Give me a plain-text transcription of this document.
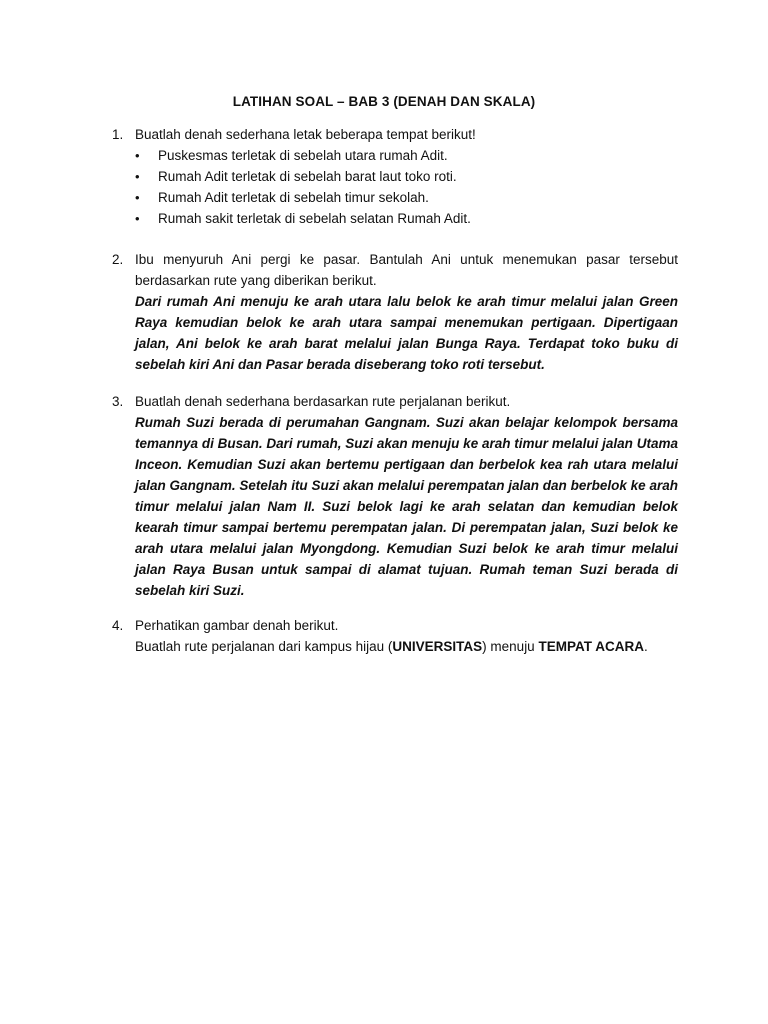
LATIHAN SOAL – BAB 3 (DENAH DAN SKALA)
1. Buatlah denah sederhana letak beberapa tempat berikut!
•	Puskesmas terletak di sebelah utara rumah Adit.
•	Rumah Adit terletak di sebelah barat laut toko roti.
•	Rumah Adit terletak di sebelah timur sekolah.
•	Rumah sakit terletak di sebelah selatan Rumah Adit.
2. Ibu menyuruh Ani pergi ke pasar. Bantulah Ani untuk menemukan pasar tersebut berdasarkan rute yang diberikan berikut.
Dari rumah Ani menuju ke arah utara lalu belok ke arah timur melalui jalan Green Raya kemudian belok ke arah utara sampai menemukan pertigaan. Dipertigaan jalan, Ani belok ke arah barat melalui jalan Bunga Raya. Terdapat toko buku di sebelah kiri Ani dan Pasar berada diseberang toko roti tersebut.
3. Buatlah denah sederhana berdasarkan rute perjalanan berikut.
Rumah Suzi berada di perumahan Gangnam. Suzi akan belajar kelompok bersama temannya di Busan. Dari rumah, Suzi akan menuju ke arah timur melalui jalan Utama Inceon. Kemudian Suzi akan bertemu pertigaan dan berbelok kea rah utara melalui jalan Gangnam. Setelah itu Suzi akan melalui perempatan jalan dan berbelok ke arah timur melalui jalan Nam II. Suzi belok lagi ke arah selatan dan kemudian belok kearah timur sampai bertemu perempatan jalan. Di perempatan jalan, Suzi belok ke arah utara melalui jalan Myongdong. Kemudian Suzi belok ke arah timur melalui jalan Raya Busan untuk sampai di alamat tujuan. Rumah teman Suzi berada di sebelah kiri Suzi.
4. Perhatikan gambar denah berikut.
Buatlah rute perjalanan dari kampus hijau (UNIVERSITAS) menuju TEMPAT ACARA.
